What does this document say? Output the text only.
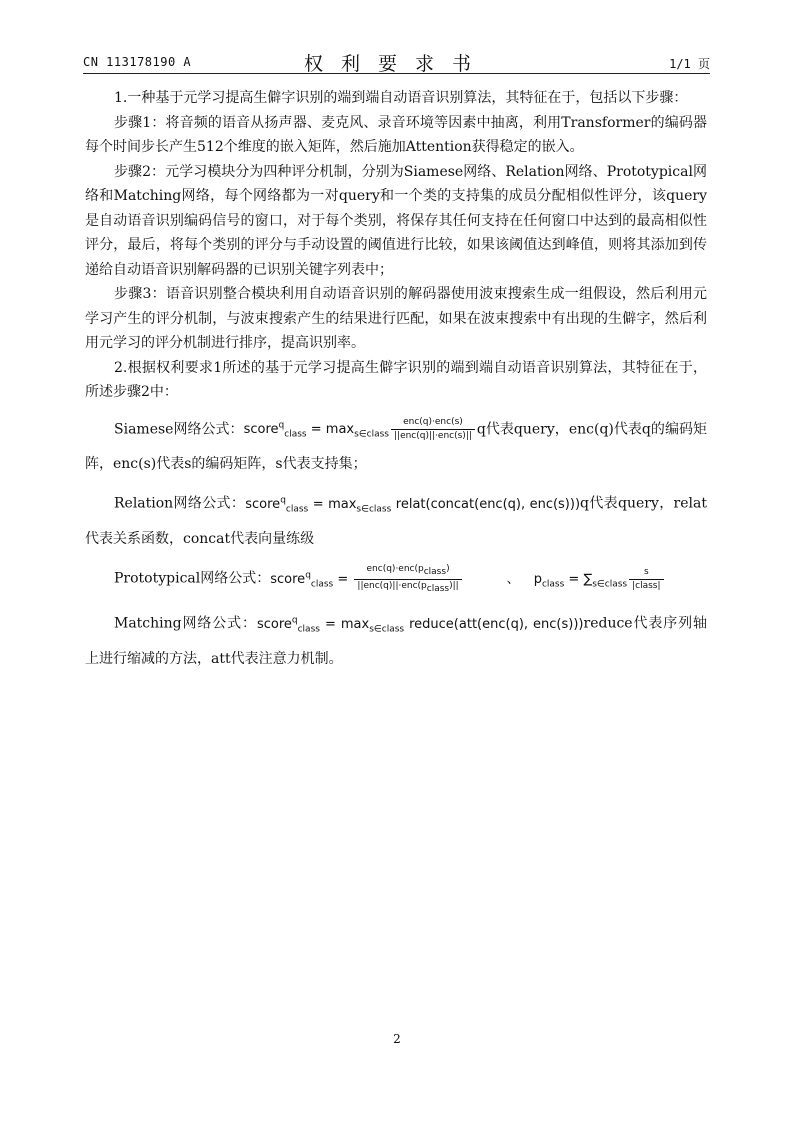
CN 113178190 A	权利要求书	1/1 页

1.一种基于元学习提高生僻字识别的端到端自动语音识别算法，其特征在于，包括以下步骤：

步骤1：将音频的语音从扬声器、麦克风、录音环境等因素中抽离，利用Transformer的编码器每个时间步长产生512个维度的嵌入矩阵，然后施加Attention获得稳定的嵌入。

步骤2：元学习模块分为四种评分机制，分别为Siamese网络、Relation网络、Prototypical网络和Matching网络，每个网络都为一对query和一个类的支持集的成员分配相似性评分，该query是自动语音识别编码信号的窗口，对于每个类别，将保存其任何支持在任何窗口中达到的最高相似性评分，最后，将每个类别的评分与手动设置的阈值进行比较，如果该阈值达到峰值，则将其添加到传递给自动语音识别解码器的已识别关键字列表中；

步骤3：语音识别整合模块利用自动语音识别的解码器使用波束搜索生成一组假设，然后利用元学习产生的评分机制，与波束搜索产生的结果进行匹配，如果在波束搜索中有出现的生僻字，然后利用元学习的评分机制进行排序，提高识别率。

2.根据权利要求1所述的基于元学习提高生僻字识别的端到端自动语音识别算法，其特征在于，所述步骤2中：

Siamese网络公式：score$^q_{class}$ = $\max_{s\in class} \frac{\text{enc(q)·enc(s)}}{\text{||enc(q)||·enc(s)||}}$ q代表query，enc(q)代表q的编码矩阵，enc(s)代表s的编码矩阵，s代表支持集；

Relation网络公式：score$^q_{class}$ = $\max_{s\in class}$ relat(concat(enc(q), enc(s)))q代表query，relat代表关系函数，concat代表向量练级

Prototypical网络公式：score$^q_{class}$ = $\frac{enc(q)\cdot enc(p_{class})}{||enc(q)||\cdot enc(p_{class})||}$	、 $p_{class} = \sum_{s\in class} \frac{s}{\text{|class|}}$

Matching网络公式：score$^q_{class}$ = $\max_{s\in class}$ reduce(att(enc(q), enc(s)))reduce代表序列轴上进行缩减的方法，att代表注意力机制。

2
